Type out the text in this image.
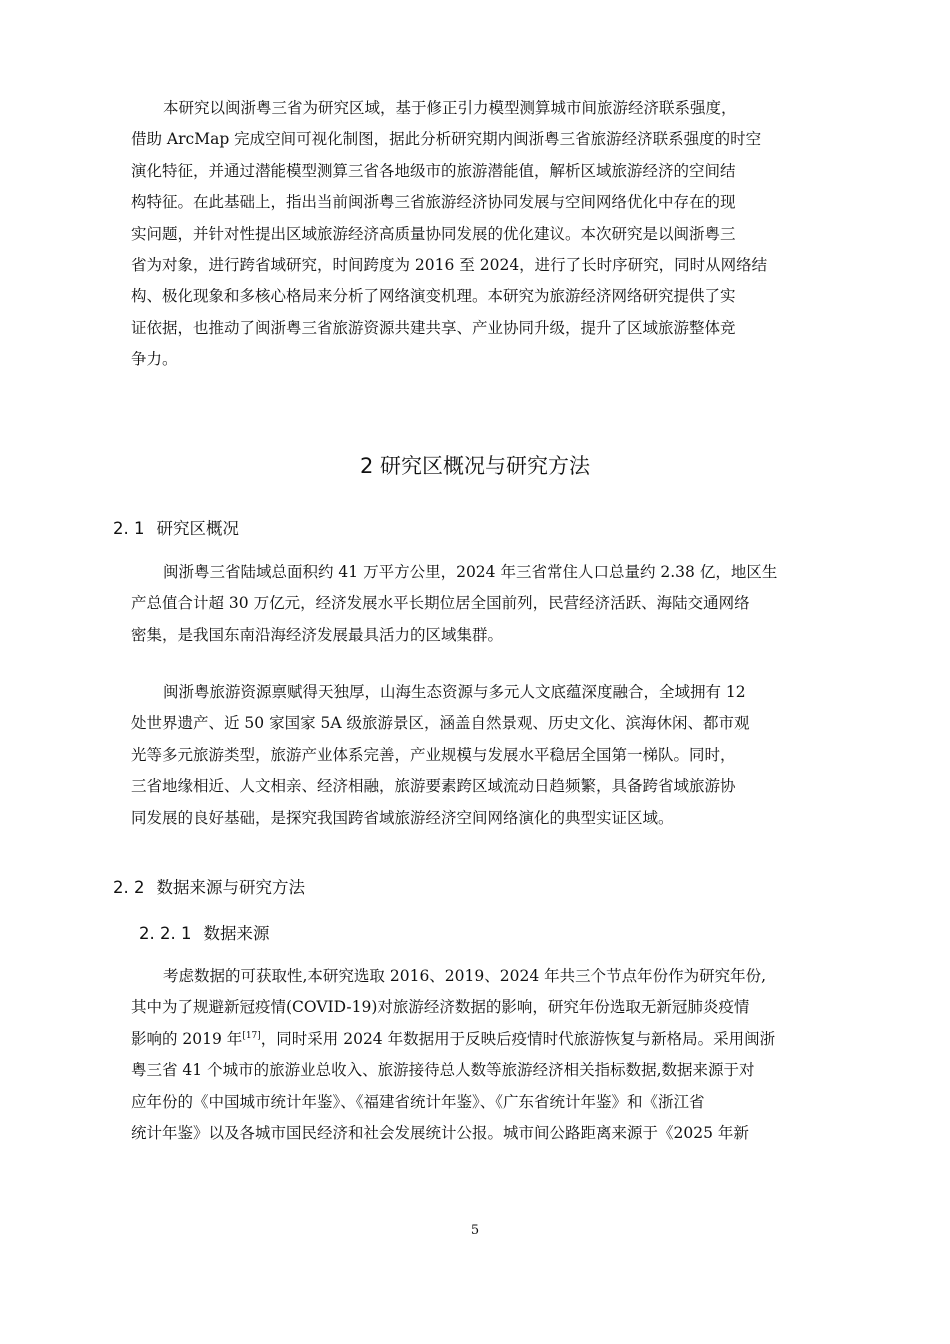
本研究以闽浙粤三省为研究区域，基于修正引力模型测算城市间旅游经济联系强度，
借助 ArcMap 完成空间可视化制图，据此分析研究期内闽浙粤三省旅游经济联系强度的时空
演化特征，并通过潜能模型测算三省各地级市的旅游潜能值，解析区域旅游经济的空间结
构特征。在此基础上，指出当前闽浙粤三省旅游经济协同发展与空间网络优化中存在的现
实问题，并针对性提出区域旅游经济高质量协同发展的优化建议。本次研究是以闽浙粤三
省为对象，进行跨省域研究，时间跨度为 2016 至 2024，进行了长时序研究，同时从网络结
构、极化现象和多核心格局来分析了网络演变机理。本研究为旅游经济网络研究提供了实
证依据，也推动了闽浙粤三省旅游资源共建共享、产业协同升级，提升了区域旅游整体竞
争力。
2 研究区概况与研究方法
2. 1 研究区概况
闽浙粤三省陆域总面积约 41 万平方公里，2024 年三省常住人口总量约 2.38 亿，地区生
产总值合计超 30 万亿元，经济发展水平长期位居全国前列，民营经济活跃、海陆交通网络
密集，是我国东南沿海经济发展最具活力的区域集群。
闽浙粤旅游资源禀赋得天独厚，山海生态资源与多元人文底蕴深度融合，全域拥有 12
处世界遗产、近 50 家国家 5A 级旅游景区，涵盖自然景观、历史文化、滨海休闲、都市观
光等多元旅游类型，旅游产业体系完善，产业规模与发展水平稳居全国第一梯队。同时，
三省地缘相近、人文相亲、经济相融，旅游要素跨区域流动日趋频繁，具备跨省域旅游协
同发展的良好基础，是探究我国跨省域旅游经济空间网络演化的典型实证区域。
2. 2 数据来源与研究方法
2. 2. 1 数据来源
考虑数据的可获取性,本研究选取 2016、2019、2024 年共三个节点年份作为研究年份,
其中为了规避新冠疫情(COVID-19)对旅游经济数据的影响，研究年份选取无新冠肺炎疫情
影响的 2019 年[17]，同时采用 2024 年数据用于反映后疫情时代旅游恢复与新格局。采用闽浙
粤三省 41 个城市的旅游业总收入、旅游接待总人数等旅游经济相关指标数据,数据来源于对
应年份的《中国城市统计年鉴》、《福建省统计年鉴》、《广东省统计年鉴》和《浙江省
统计年鉴》以及各城市国民经济和社会发展统计公报。城市间公路距离来源于《2025 年新
5
